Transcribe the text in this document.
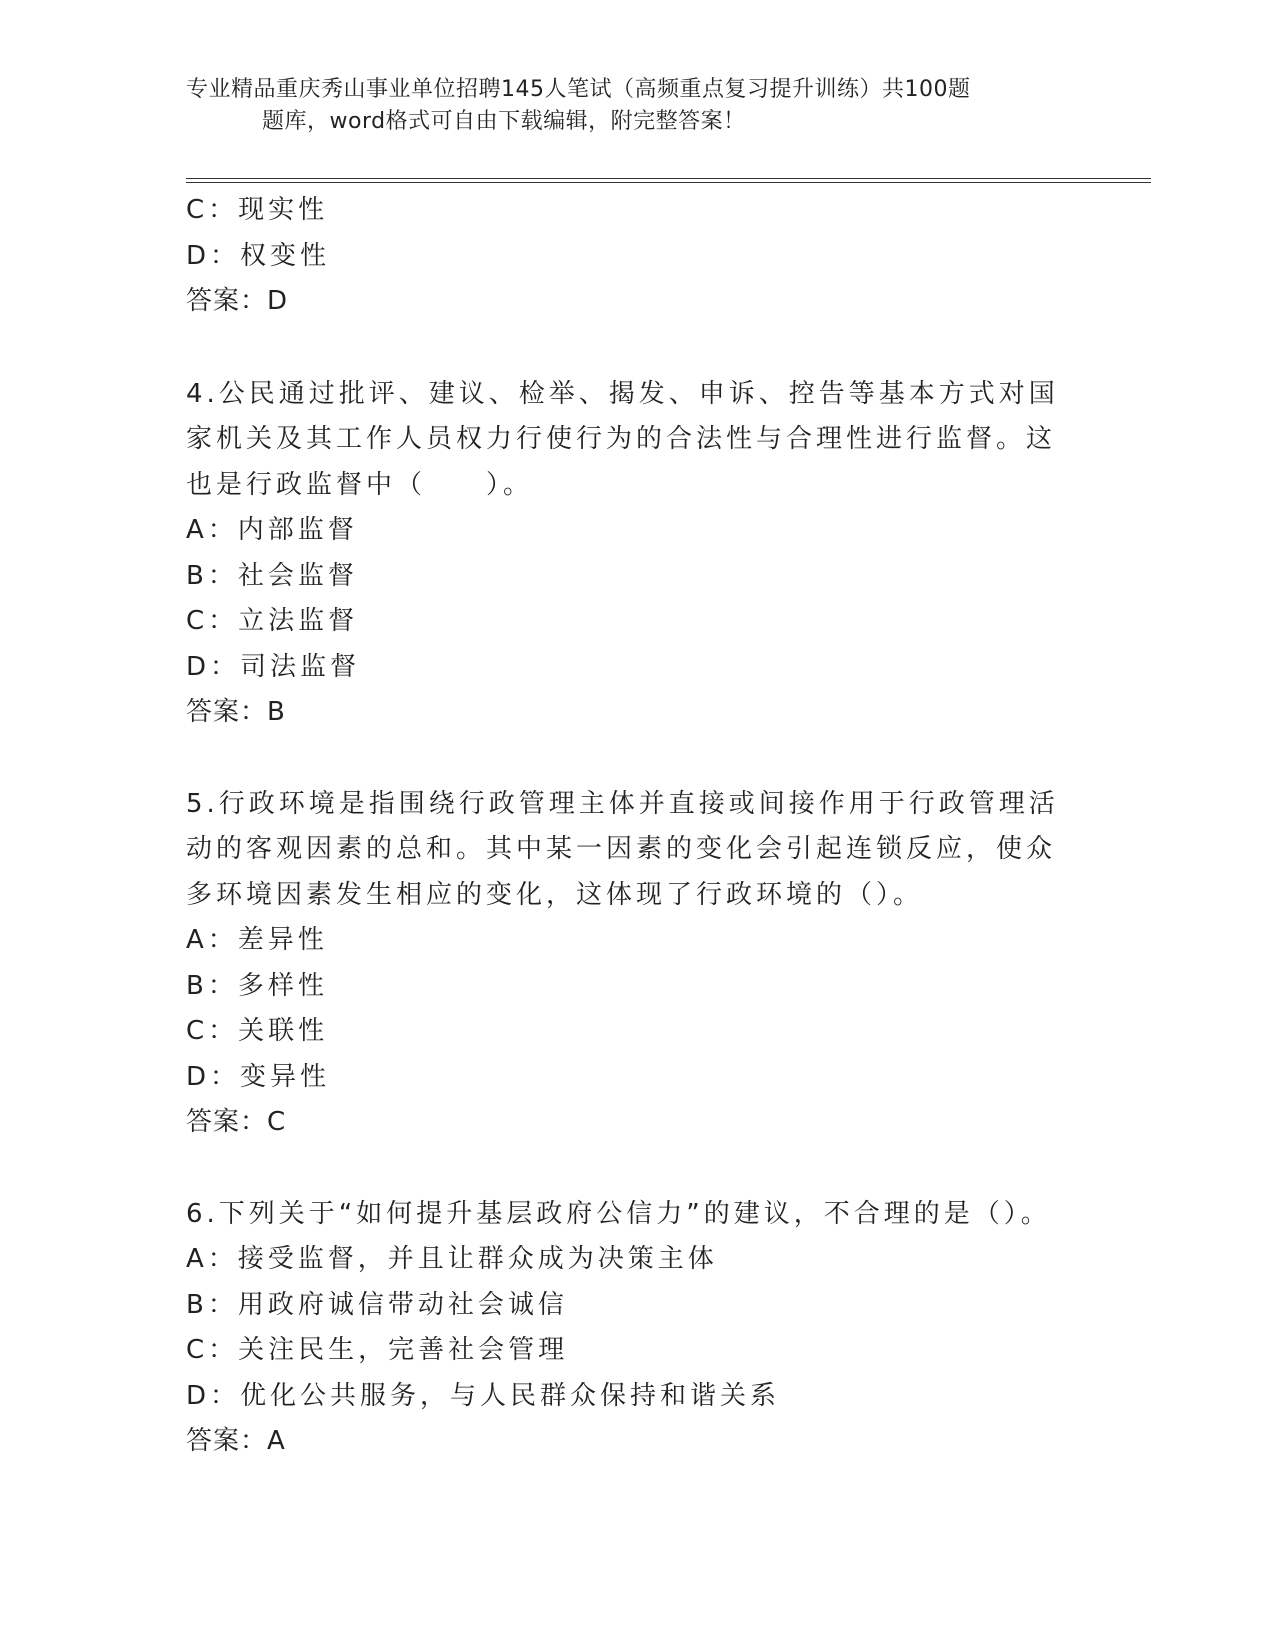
专业精品重庆秀山事业单位招聘145人笔试（高频重点复习提升训练）共100题
题库，word格式可自由下载编辑，附完整答案！
C：现实性
D：权变性
答案：D
4.公民通过批评、建议、检举、揭发、申诉、控告等基本方式对国家机关及其工作人员权力行使行为的合法性与合理性进行监督。这也是行政监督中（　　）。
A：内部监督
B：社会监督
C：立法监督
D：司法监督
答案：B
5.行政环境是指围绕行政管理主体并直接或间接作用于行政管理活动的客观因素的总和。其中某一因素的变化会引起连锁反应，使众多环境因素发生相应的变化，这体现了行政环境的（）。
A：差异性
B：多样性
C：关联性
D：变异性
答案：C
6.下列关于“如何提升基层政府公信力”的建议，不合理的是（）。
A：接受监督，并且让群众成为决策主体
B：用政府诚信带动社会诚信
C：关注民生，完善社会管理
D：优化公共服务，与人民群众保持和谐关系
答案：A
